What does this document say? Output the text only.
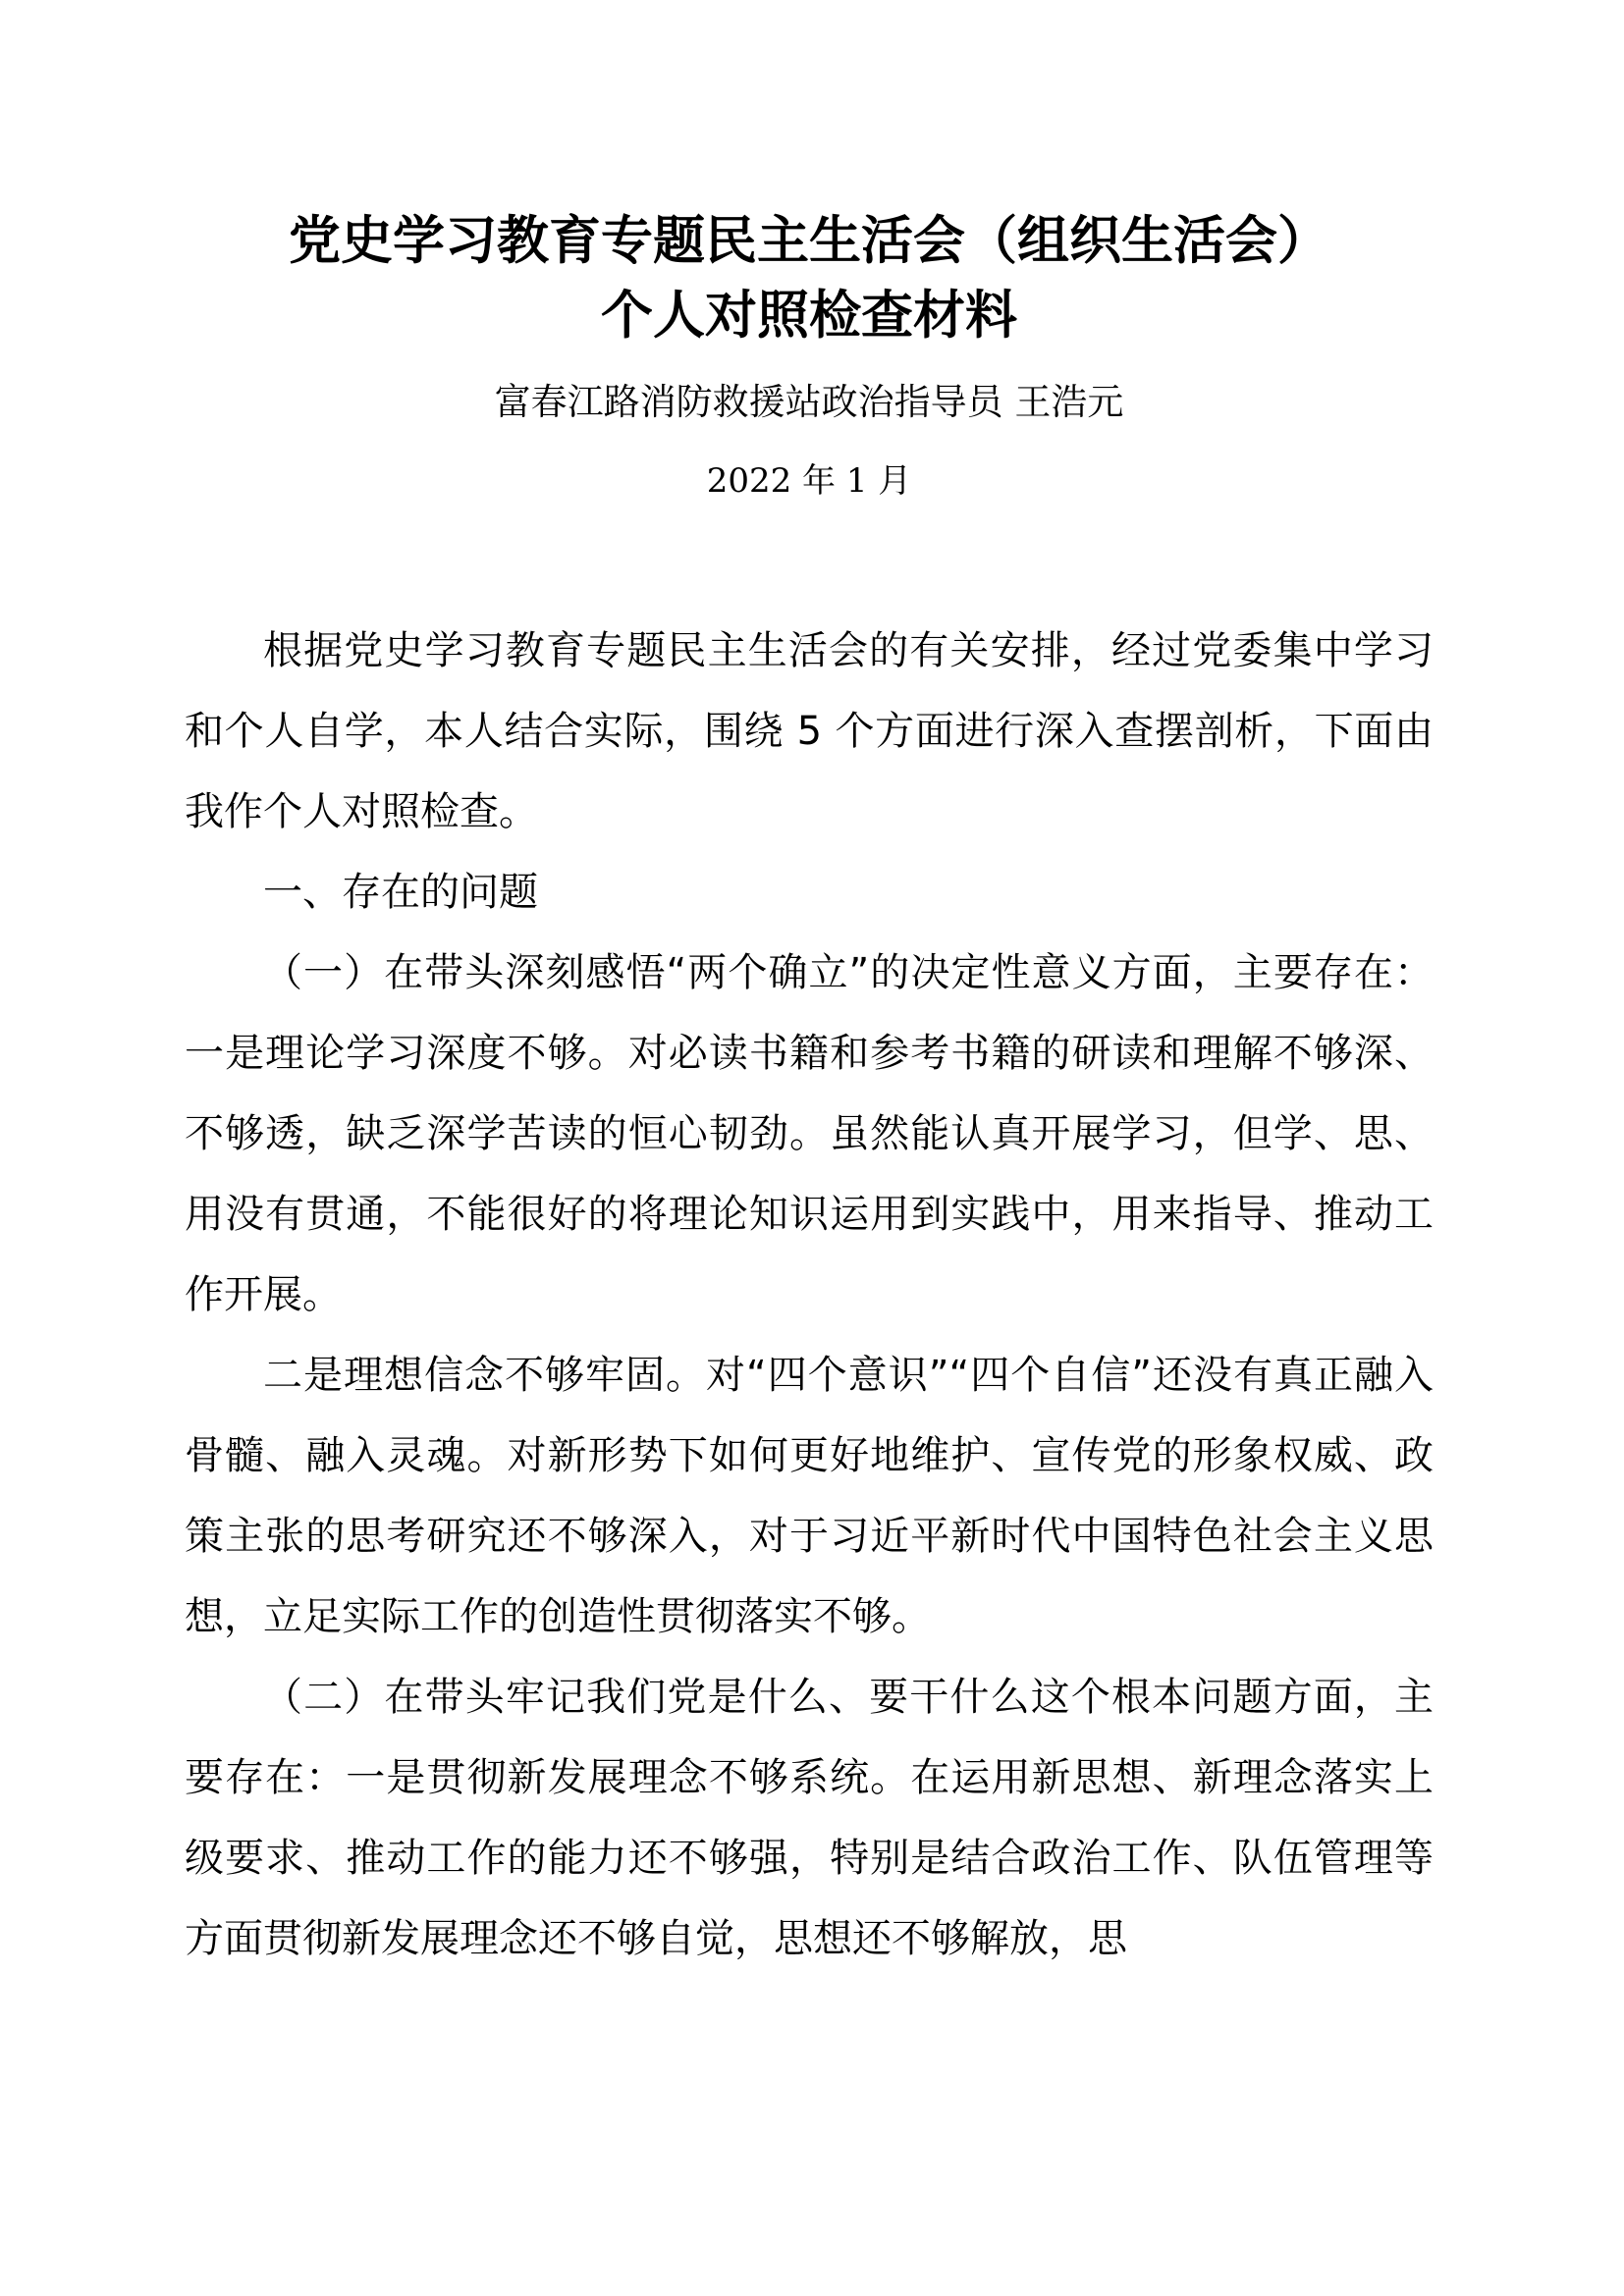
党史学习教育专题民主生活会（组织生活会）
个人对照检查材料

富春江路消防救援站政治指导员 王浩元

2022 年 1 月

根据党史学习教育专题民主生活会的有关安排，经过党委集中学习和个人自学，本人结合实际，围绕 5 个方面进行深入查摆剖析，下面由我作个人对照检查。

一、存在的问题

（一）在带头深刻感悟“两个确立”的决定性意义方面，主要存在：一是理论学习深度不够。对必读书籍和参考书籍的研读和理解不够深、不够透，缺乏深学苦读的恒心韧劲。虽然能认真开展学习，但学、思、用没有贯通，不能很好的将理论知识运用到实践中，用来指导、推动工作开展。

二是理想信念不够牢固。对“四个意识”“四个自信”还没有真正融入骨髓、融入灵魂。对新形势下如何更好地维护、宣传党的形象权威、政策主张的思考研究还不够深入，对于习近平新时代中国特色社会主义思想，立足实际工作的创造性贯彻落实不够。

（二）在带头牢记我们党是什么、要干什么这个根本问题方面，主要存在：一是贯彻新发展理念不够系统。在运用新思想、新理念落实上级要求、推动工作的能力还不够强，特别是结合政治工作、队伍管理等方面贯彻新发展理念还不够自觉，思想还不够解放，思
